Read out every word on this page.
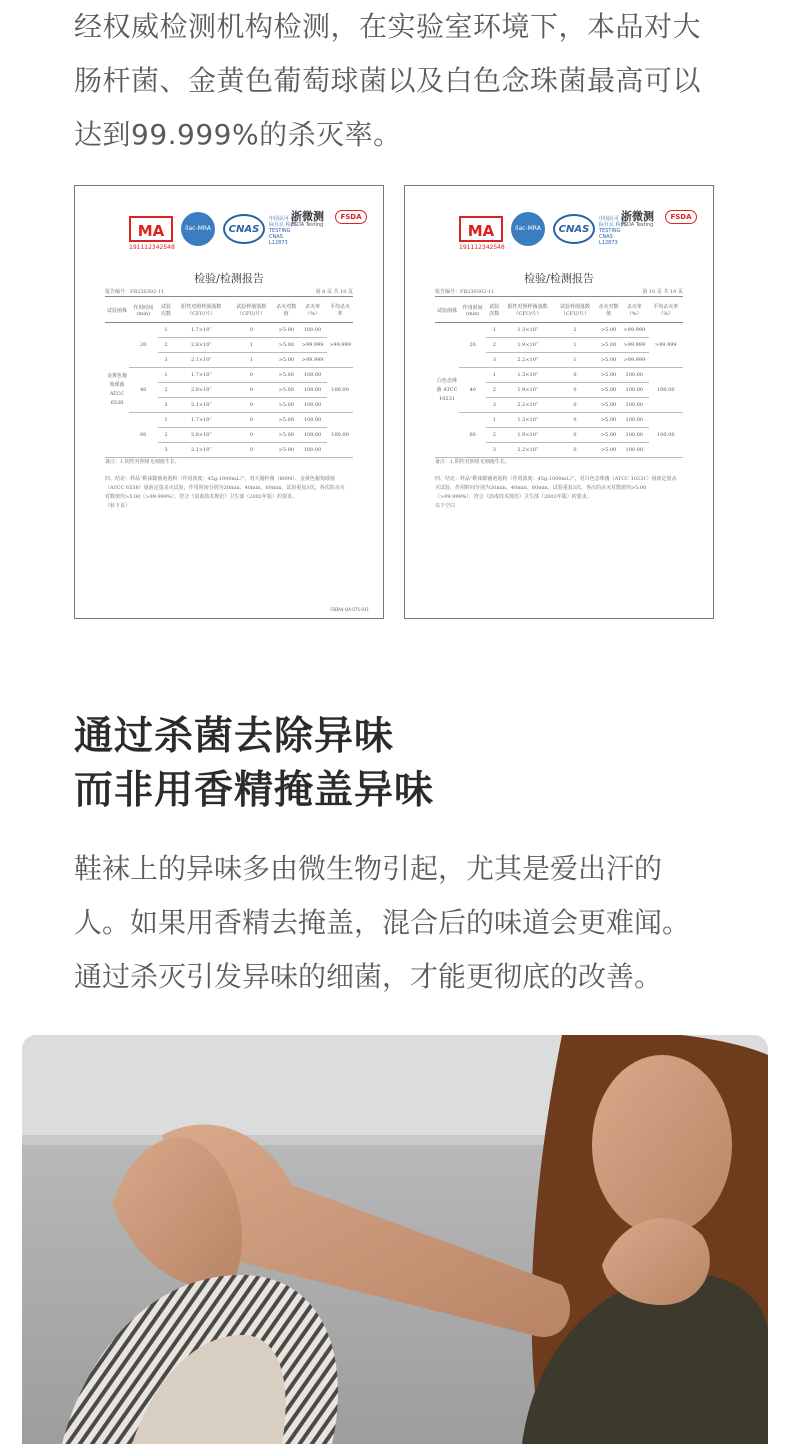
经权威检测机构检测，在实验室环境下，本品对大

肠杆菌、金黄色葡萄球菌以及白色念珠菌最高可以

达到99.999%的杀灭率。

MA
191112342548
ilac-MRA	CNAS
中国认可 国际互认 检测 TESTING CNAS L12873
浙微测
FSDA Testing
FSDA
检验/检测报告
报告编号：FB230302-11	第 8 页 共 10 页
试验菌株	作用时间(min)	试验次数	阳性对照样菌落数（CFU/片）	试验样菌落数（CFU/片）	杀灭对数值	杀灭率（%）	平均杀灭率
金黄色葡萄球菌 ATCC 6538	20	1	1.7×10⁷	0	>5.00	100.00	>99.999
		2	2.8×10⁷	1	>5.00	>99.999	
		3	2.1×10⁷	1	>5.00	>99.999	
	40	1	1.7×10⁷	0	>5.00	100.00	100.00
		2	2.8×10⁷	0	>5.00	100.00	
		3	2.1×10⁷	0	>5.00	100.00	
	60	1	1.7×10⁷	0	>5.00	100.00	100.00
		2	2.8×10⁷	0	>5.00	100.00	
		3	2.1×10⁷	0	>5.00	100.00	
备注：1.阴性对照组无细菌生长。
四、结论：样品“鞋袜除菌泡泡粉（作用浓度：45g:1000mL）”，对大肠杆菌（8099）、金黄色葡萄球菌（ATCC 6538）悬液定量杀灭试验，作用时间分别为20min、40min、60min，试验重复3次，各次的杀灭对数值均>5.00（>99.999%），符合《消毒技术规范》卫生部（2002年版）的要求。
（转下页）
FSDA4-QA-075-031
MA
191112342548
ilac-MRA	CNAS
中国认可 国际互认 检测 TESTING CNAS L12873
浙微测
FSDA Testing
FSDA
检验/检测报告
报告编号：FB230302-11	第 10 页 共 10 页
试验菌株	作用时间(min)	试验次数	阳性对照样菌落数（CFU/片）	试验样菌落数（CFU/片）	杀灭对数值	杀灭率（%）	平均杀灭率（%）
白色念珠菌 ATCC 10231	20	1	1.3×10⁷	2	>5.00	>99.999	>99.999
		2	1.9×10⁷	1	>5.00	>99.999	
		3	2.2×10⁷	1	>5.00	>99.999	
	40	1	1.3×10⁷	0	>5.00	100.00	100.00
		2	1.9×10⁷	0	>5.00	100.00	
		3	2.2×10⁷	0	>5.00	100.00	
	60	1	1.3×10⁷	0	>5.00	100.00	100.00
		2	1.9×10⁷	0	>5.00	100.00	
		3	2.2×10⁷	0	>5.00	100.00	
备注：1.阴性对照组无细菌生长。
四、结论：样品“鞋袜除菌泡泡粉（作用浓度：45g:1000mL）”，对白色念珠菌（ATCC 10231）悬液定量杀灭试验，作用时间分别为20min、40min、60min，试验重复3次，各次的杀灭对数值均>5.00（>99.999%），符合《消毒技术规范》卫生部（2002年版）的要求。
以下空白

通过杀菌去除异味

而非用香精掩盖异味

鞋袜上的异味多由微生物引起，尤其是爱出汗的

人。如果用香精去掩盖，混合后的味道会更难闻。

通过杀灭引发异味的细菌，才能更彻底的改善。
